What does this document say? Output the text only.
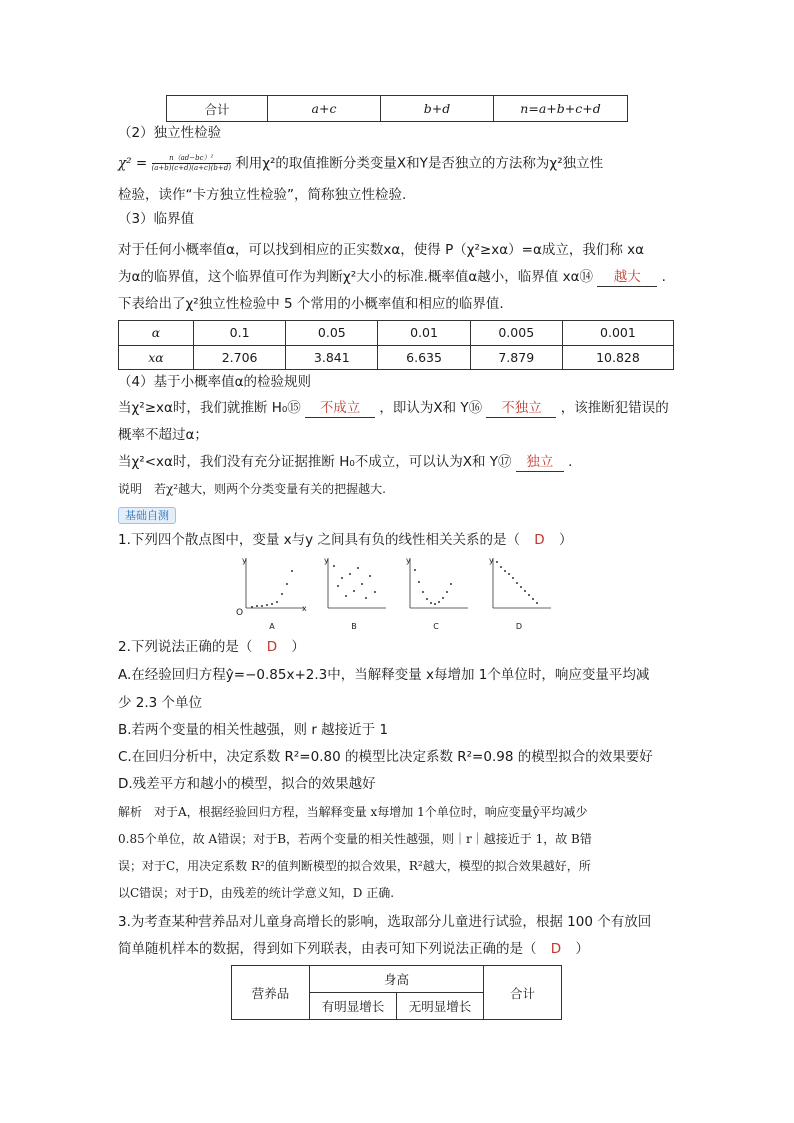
合计	a+c	b+d	n=a+b+c+d
（2）独立性检验
$\chi^2 = \frac{\text{n（ad−bc）²}}{(a+b)(c+d)(a+c)(b+d)}$ 利用χ²的取值推断分类变量X和Y是否独立的方法称为χ²独立性
检验，读作“卡方独立性检验”，简称独立性检验.
（3）临界值
对于任何小概率值α，可以找到相应的正实数xα，使得 P（χ²≥xα）=α成立，我们称 xα
为α的临界值，这个临界值可作为判断χ²大小的标准.概率值α越小，临界值 xα⑭ 越大 .
下表给出了χ²独立性检验中 5 个常用的小概率值和相应的临界值.
α	0.1	0.05	0.01	0.005	0.001
xα	2.706	3.841	6.635	7.879	10.828
（4）基于小概率值α的检验规则
当χ²≥xα时，我们就推断 H₀⑮ 不成立 ，即认为X和 Y⑯ 不独立 ，该推断犯错误的
概率不超过α；
当χ²<xα时，我们没有充分证据推断 H₀不成立，可以认为X和 Y⑰ 独立 .
说明　若χ²越大，则两个分类变量有关的把握越大.
基础自测
1.下列四个散点图中，变量 x与y 之间具有负的线性相关关系的是（ D ）
y
O	x
y	y	y
A	B	C	D
2.下列说法正确的是（ D ）
A.在经验回归方程ŷ=−0.85x+2.3中，当解释变量 x每增加 1个单位时，响应变量平均减
少 2.3 个单位
B.若两个变量的相关性越强，则 r 越接近于 1
C.在回归分析中，决定系数 R²=0.80 的模型比决定系数 R²=0.98 的模型拟合的效果要好
D.残差平方和越小的模型，拟合的效果越好
解析　对于A，根据经验回归方程，当解释变量 x每增加 1个单位时，响应变量ŷ平均减少
0.85个单位，故 A错误；对于B，若两个变量的相关性越强，则｜r｜越接近于 1，故 B错
误；对于C，用决定系数 R²的值判断模型的拟合效果，R²越大，模型的拟合效果越好，所
以C错误；对于D，由残差的统计学意义知，D 正确.
3.为考查某种营养品对儿童身高增长的影响，选取部分儿童进行试验，根据 100 个有放回
简单随机样本的数据，得到如下列联表，由表可知下列说法正确的是（ D ）
营养品	身高		合计
	有明显增长	无明显增长	
